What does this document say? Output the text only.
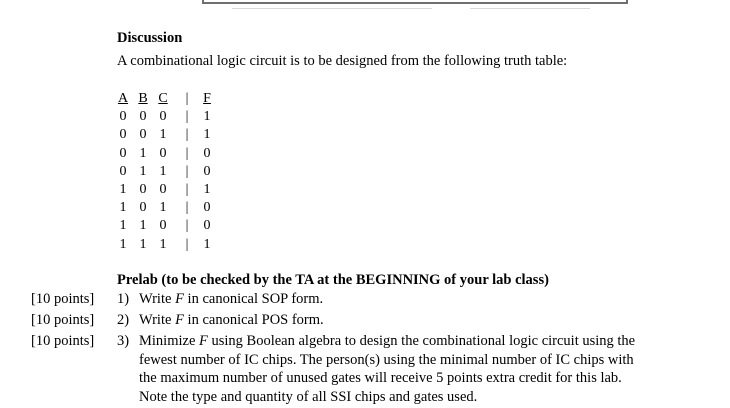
Discussion
A combinational logic circuit is to be designed from the following truth table:
A B C	|	F
0 0 0	|	1
0 0 1	|	1
0 1 0	|	0
0 1 1	|	0
1 0 0	|	1
1 0 1	|	0
1 1 0	|	0
1 1 1	|	1
Prelab (to be checked by the TA at the BEGINNING of your lab class)
[10 points] 1) Write F in canonical SOP form.
[10 points] 2) Write F in canonical POS form.
[10 points] 3) Minimize F using Boolean algebra to design the combinational logic circuit using the
fewest number of IC chips. The person(s) using the minimal number of IC chips with
the maximum number of unused gates will receive 5 points extra credit for this lab.
Note the type and quantity of all SSI chips and gates used.
